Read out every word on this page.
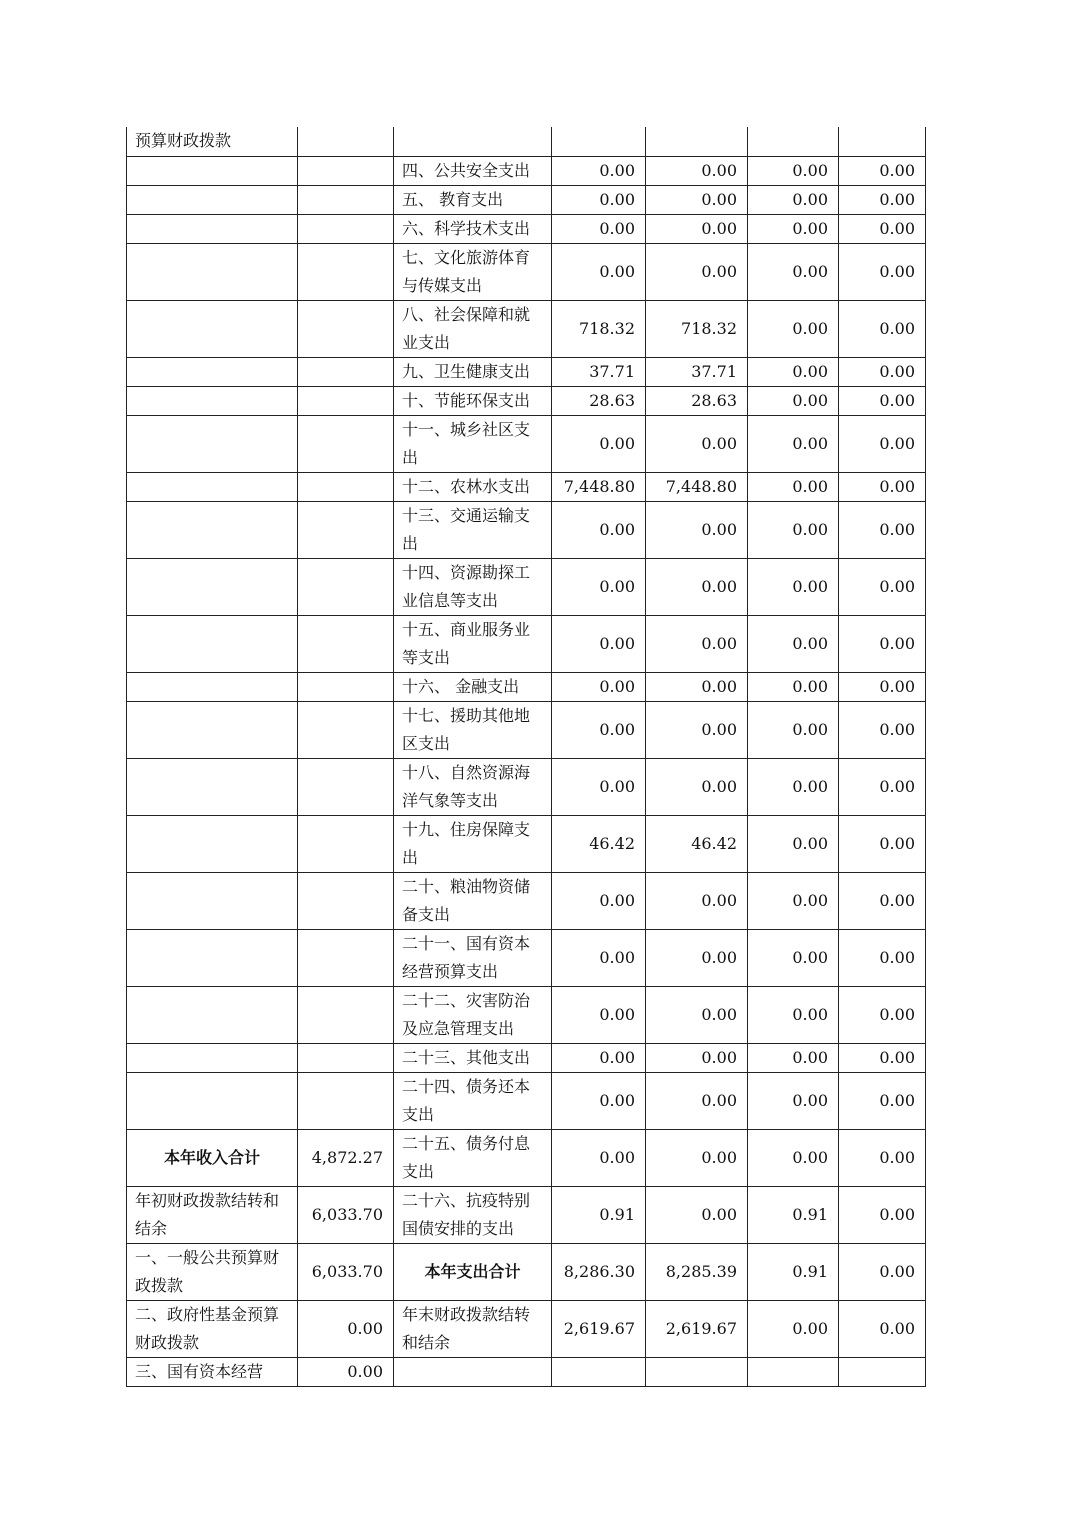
预算财政拨款						
		四、公共安全支出	0.00	0.00	0.00	0.00
		五、 教育支出	0.00	0.00	0.00	0.00
		六、科学技术支出	0.00	0.00	0.00	0.00
		七、文化旅游体育与传媒支出	0.00	0.00	0.00	0.00
		八、社会保障和就业支出	718.32	718.32	0.00	0.00
		九、卫生健康支出	37.71	37.71	0.00	0.00
		十、节能环保支出	28.63	28.63	0.00	0.00
		十一、城乡社区支出	0.00	0.00	0.00	0.00
		十二、农林水支出	7,448.80	7,448.80	0.00	0.00
		十三、交通运输支出	0.00	0.00	0.00	0.00
		十四、资源勘探工业信息等支出	0.00	0.00	0.00	0.00
		十五、商业服务业等支出	0.00	0.00	0.00	0.00
		十六、 金融支出	0.00	0.00	0.00	0.00
		十七、援助其他地区支出	0.00	0.00	0.00	0.00
		十八、自然资源海洋气象等支出	0.00	0.00	0.00	0.00
		十九、住房保障支出	46.42	46.42	0.00	0.00
		二十、粮油物资储备支出	0.00	0.00	0.00	0.00
		二十一、国有资本经营预算支出	0.00	0.00	0.00	0.00
		二十二、灾害防治及应急管理支出	0.00	0.00	0.00	0.00
		二十三、其他支出	0.00	0.00	0.00	0.00
		二十四、债务还本支出	0.00	0.00	0.00	0.00
本年收入合计	4,872.27	二十五、债务付息支出	0.00	0.00	0.00	0.00
年初财政拨款结转和结余	6,033.70	二十六、抗疫特别国债安排的支出	0.91	0.00	0.91	0.00
一、一般公共预算财政拨款	6,033.70	本年支出合计	8,286.30	8,285.39	0.91	0.00
二、政府性基金预算财政拨款	0.00	年末财政拨款结转和结余	2,619.67	2,619.67	0.00	0.00
三、国有资本经营	0.00					
